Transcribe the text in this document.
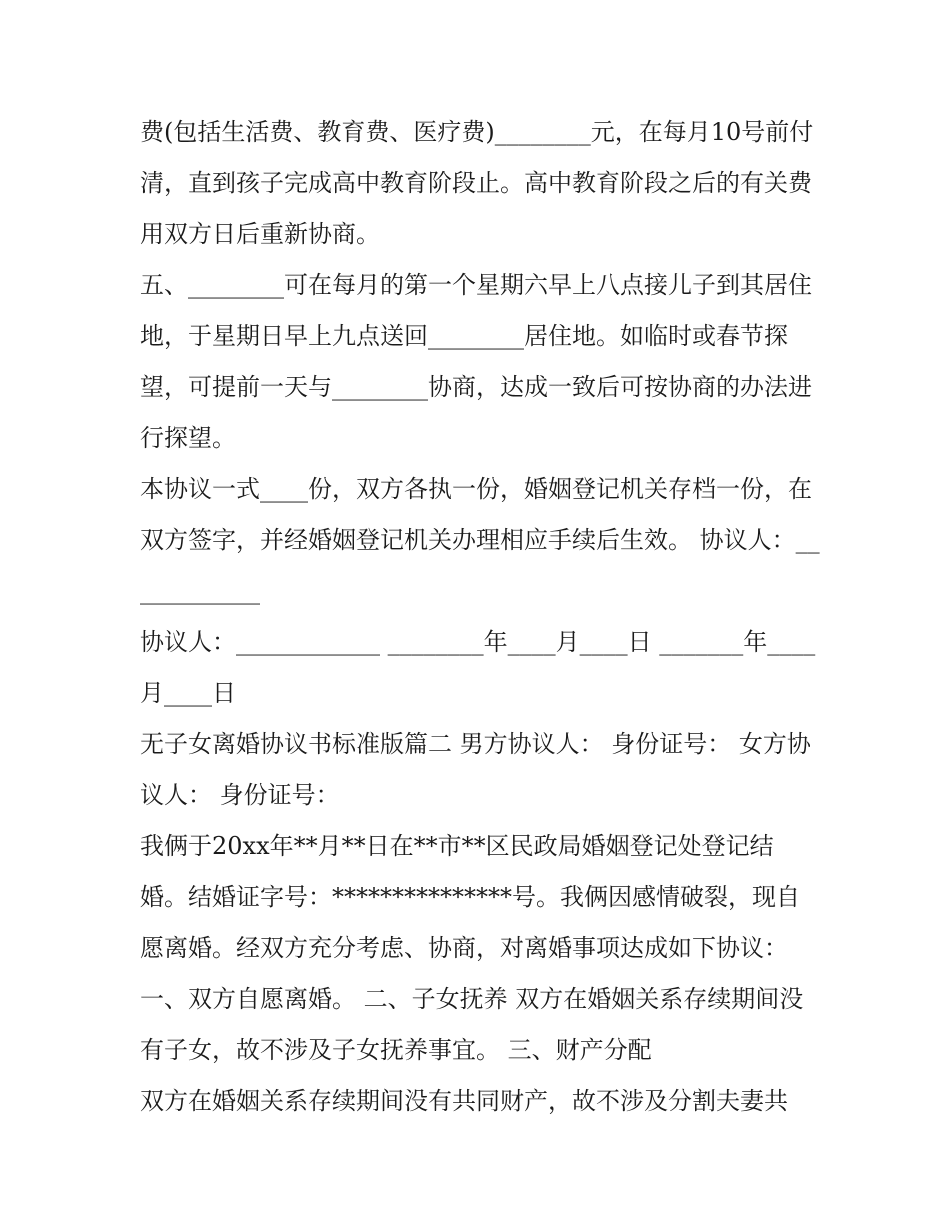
费(包括生活费、教育费、医疗费)________元，在每月10号前付清，直到孩子完成高中教育阶段止。高中教育阶段之后的有关费用双方日后重新协商。

五、________可在每月的第一个星期六早上八点接儿子到其居住地，于星期日早上九点送回________居住地。如临时或春节探望，可提前一天与________协商，达成一致后可按协商的办法进行探望。

本协议一式____份，双方各执一份，婚姻登记机关存档一份，在双方签字，并经婚姻登记机关办理相应手续后生效。 协议人：____________

协议人：____________ ________年____月____日 _______年____月____日

无子女离婚协议书标准版篇二 男方协议人： 身份证号： 女方协议人： 身份证号：

我俩于20xx年**月**日在**市**区民政局婚姻登记处登记结婚。结婚证字号：***************号。我俩因感情破裂，现自愿离婚。经双方充分考虑、协商，对离婚事项达成如下协议：一、双方自愿离婚。 二、子女抚养 双方在婚姻关系存续期间没有子女，故不涉及子女抚养事宜。 三、财产分配

双方在婚姻关系存续期间没有共同财产，故不涉及分割夫妻共
